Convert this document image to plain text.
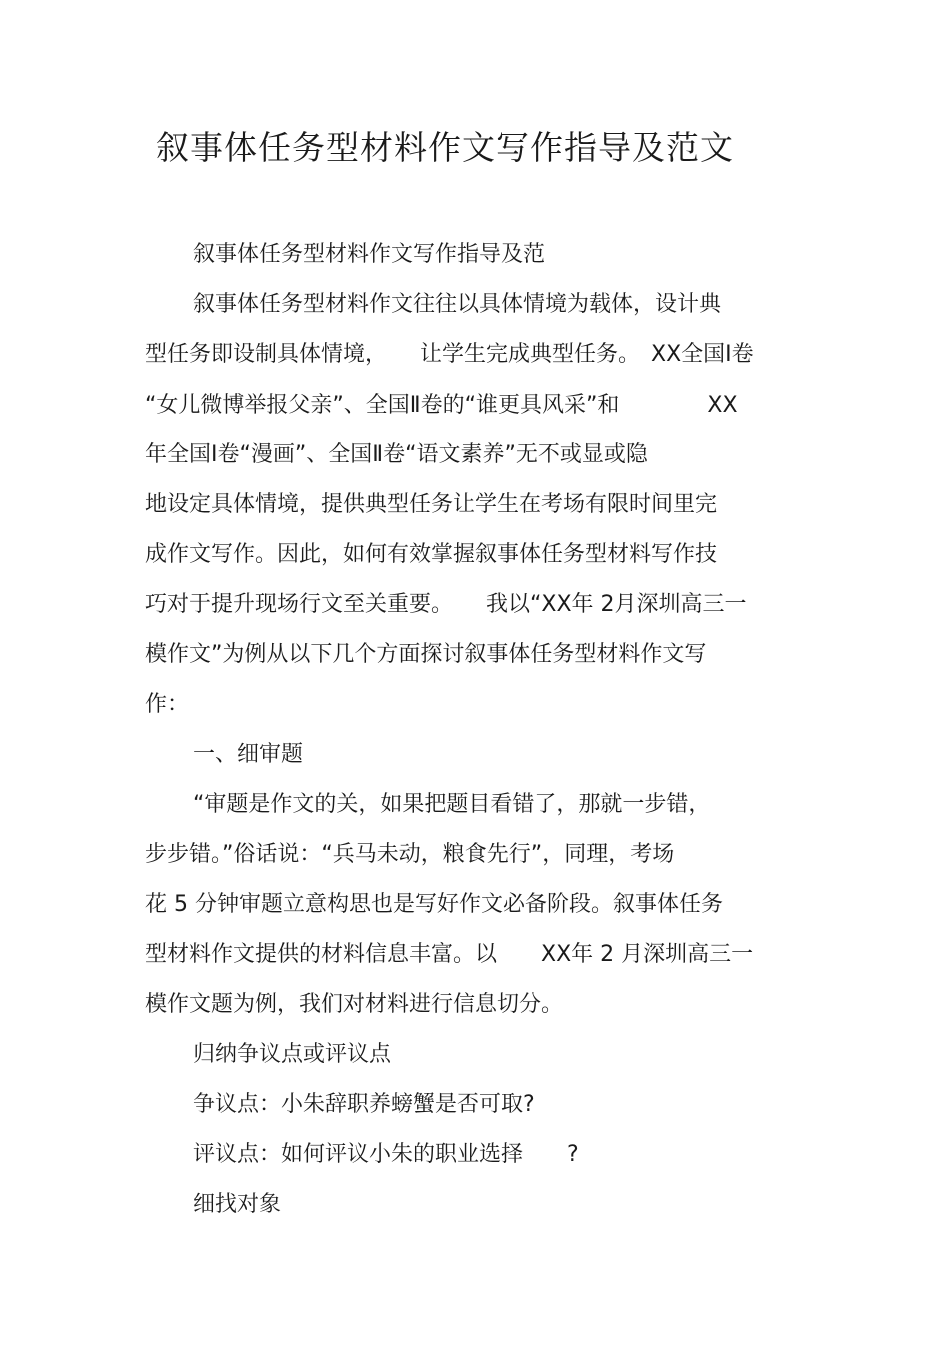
叙事体任务型材料作文写作指导及范文
叙事体任务型材料作文写作指导及范
叙事体任务型材料作文往往以具体情境为载体，设计典
型任务即设制具体情境，　　让学生完成典型任务。　XX全国Ⅰ卷
“女儿微博举报父亲”、全国Ⅱ卷的“谁更具风采”和　　　　XX
年全国Ⅰ卷“漫画”、全国Ⅱ卷“语文素养”无不或显或隐
地设定具体情境，提供典型任务让学生在考场有限时间里完
成作文写作。因此，如何有效掌握叙事体任务型材料写作技
巧对于提升现场行文至关重要。　　我以“XX年 2月深圳高三一
模作文”为例从以下几个方面探讨叙事体任务型材料作文写
作：
一、细审题
“审题是作文的关，如果把题目看错了，那就一步错，
步步错。”俗话说：“兵马未动，粮食先行”，同理，考场
花 5 分钟审题立意构思也是写好作文必备阶段。叙事体任务
型材料作文提供的材料信息丰富。以　　XX年 2 月深圳高三一
模作文题为例，我们对材料进行信息切分。
归纳争议点或评议点
争议点：小朱辞职养螃蟹是否可取?
评议点：如何评议小朱的职业选择　　?
细找对象
